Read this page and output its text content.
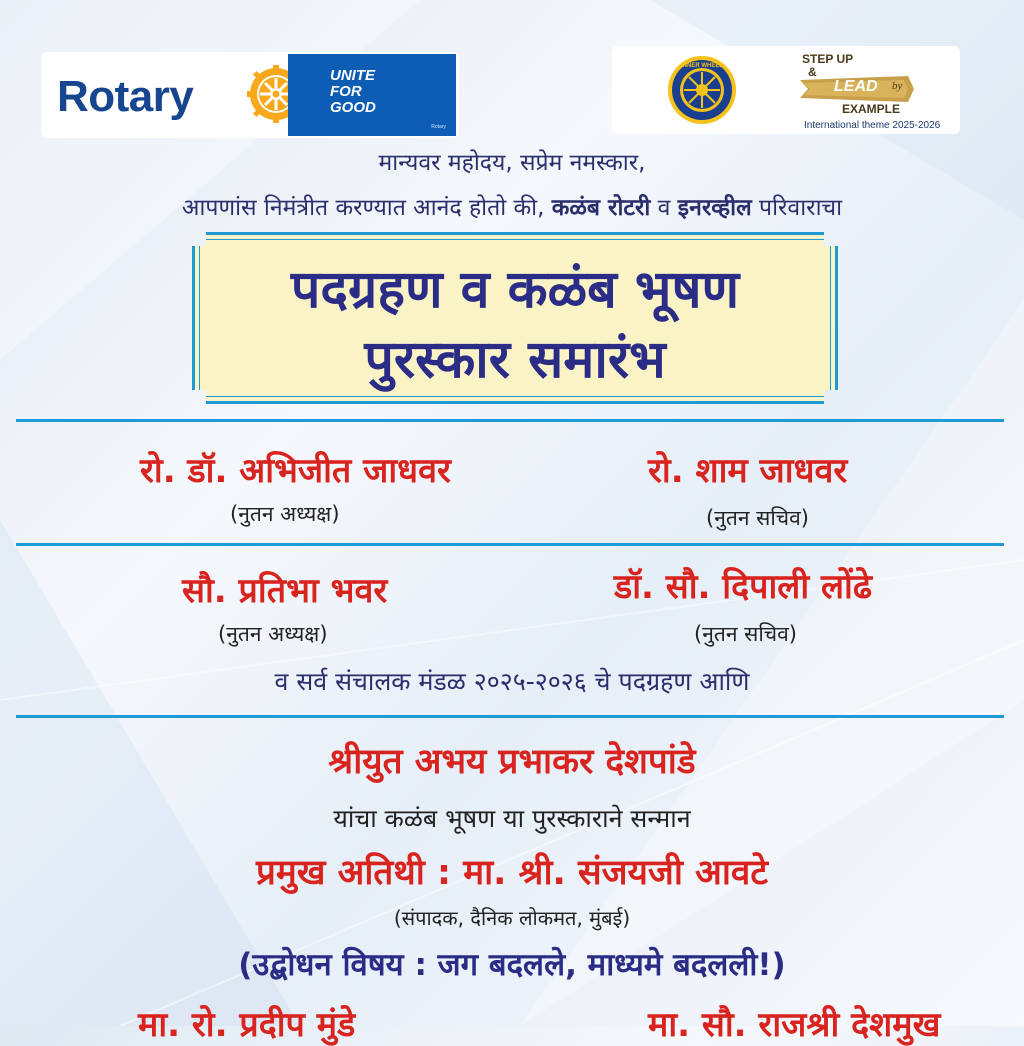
Rotary	UNITE
FOR
GOOD
Rotary
INNER WHEEL	STEP UP
&
LEAD by
EXAMPLE
International theme 2025-2026
मान्यवर महोदय, सप्रेम नमस्कार,
आपणांस निमंत्रीत करण्यात आनंद होतो की, कळंब रोटरी व इनरव्हील परिवाराचा
पदग्रहण व कळंब भूषण
पुरस्कार समारंभ
रो. डॉ. अभिजीत जाधवर
(नुतन अध्यक्ष)
रो. शाम जाधवर
(नुतन सचिव)
सौ. प्रतिभा भवर
(नुतन अध्यक्ष)
डॉ. सौ. दिपाली लोंढे
(नुतन सचिव)
व सर्व संचालक मंडळ २०२५-२०२६ चे पदग्रहण आणि
श्रीयुत अभय प्रभाकर देशपांडे
यांचा कळंब भूषण या पुरस्काराने सन्मान
प्रमुख अतिथी : मा. श्री. संजयजी आवटे
(संपादक, दैनिक लोकमत, मुंबई)
(उद्बोधन विषय : जग बदलले, माध्यमे बदलली!)
मा. रो. प्रदीप मुंडे	मा. सौ. राजश्री देशमुख
